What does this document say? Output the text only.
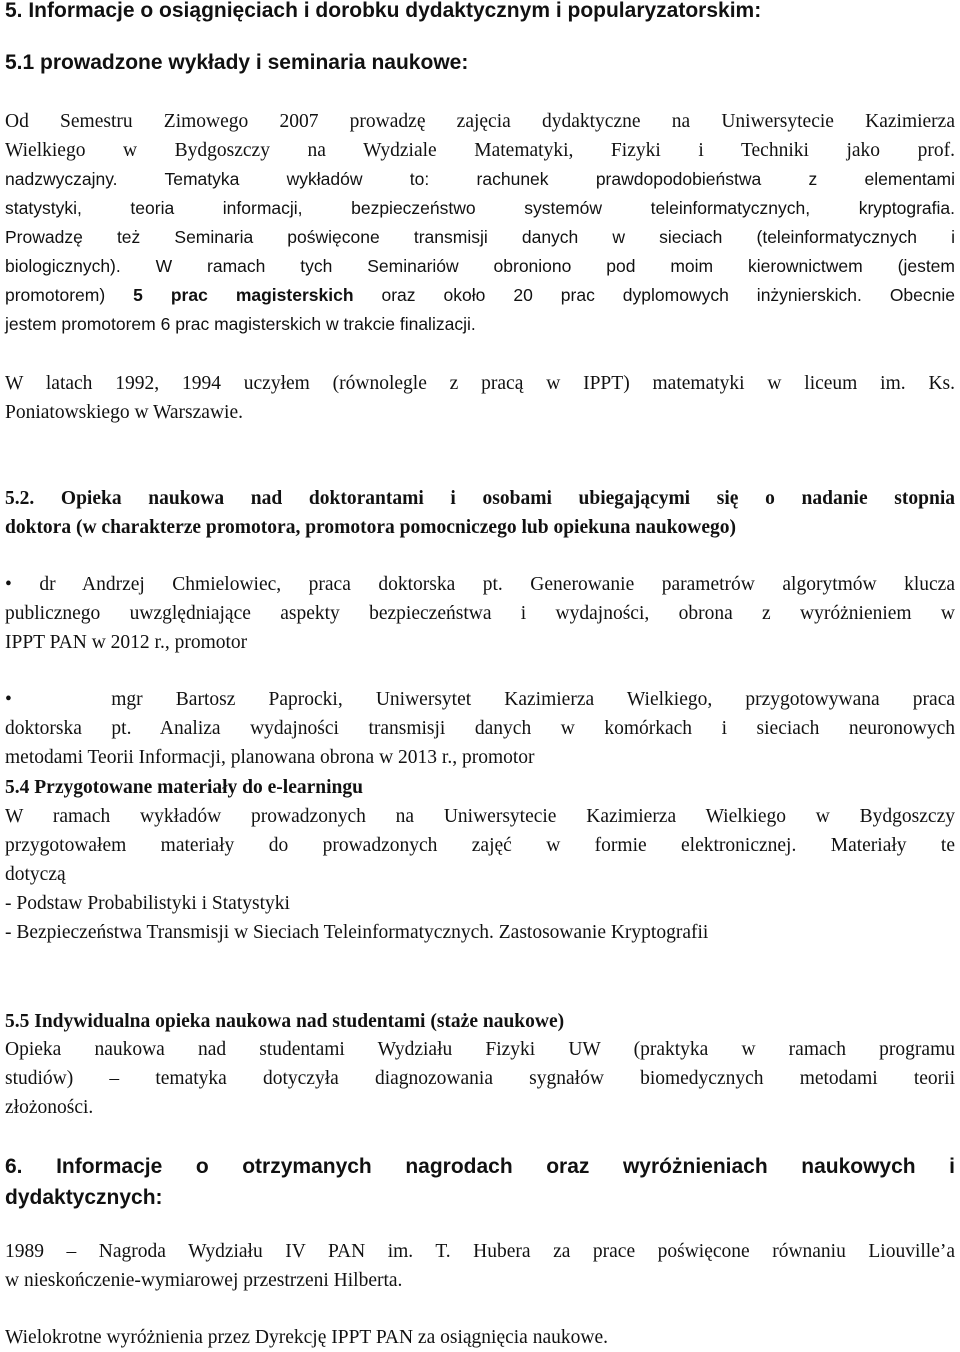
5. Informacje o osiągnięciach i dorobku dydaktycznym i popularyzatorskim:
5.1 prowadzone wykłady i seminaria naukowe:
Od Semestru Zimowego 2007 prowadzę zajęcia dydaktyczne na Uniwersytecie Kazimierza
Wielkiego w Bydgoszczy na Wydziale Matematyki, Fizyki i Techniki jako prof.
nadzwyczajny. Tematyka wykładów to: rachunek prawdopodobieństwa z elementami
statystyki, teoria informacji, bezpieczeństwo systemów teleinformatycznych, kryptografia.
Prowadzę też Seminaria poświęcone transmisji danych w sieciach (teleinformatycznych i
biologicznych). W ramach tych Seminariów obroniono pod moim kierownictwem (jestem
promotorem) 5 prac magisterskich oraz około 20 prac dyplomowych inżynierskich. Obecnie
jestem promotorem 6 prac magisterskich w trakcie finalizacji.
W latach 1992, 1994 uczyłem (równolegle z pracą w IPPT) matematyki w liceum im. Ks.
Poniatowskiego w Warszawie.
5.2. Opieka naukowa nad doktorantami i osobami ubiegającymi się o nadanie stopnia
doktora (w charakterze promotora, promotora pomocniczego lub opiekuna naukowego)
• dr Andrzej Chmielowiec, praca doktorska pt. Generowanie parametrów algorytmów klucza
publicznego uwzględniające aspekty bezpieczeństwa i wydajności, obrona z wyróżnieniem w
IPPT PAN w 2012 r., promotor
•	mgr Bartosz Paprocki, Uniwersytet Kazimierza Wielkiego, przygotowywana praca
doktorska pt. Analiza wydajności transmisji danych w komórkach i sieciach neuronowych
metodami Teorii Informacji, planowana obrona w 2013 r., promotor
5.4 Przygotowane materiały do e-learningu
W ramach wykładów prowadzonych na Uniwersytecie Kazimierza Wielkiego w Bydgoszczy
przygotowałem materiały do prowadzonych zajęć w formie elektronicznej. Materiały te
dotyczą
- Podstaw Probabilistyki i Statystyki
- Bezpieczeństwa Transmisji w Sieciach Teleinformatycznych. Zastosowanie Kryptografii
5.5 Indywidualna opieka naukowa nad studentami (staże naukowe)
Opieka naukowa nad studentami Wydziału Fizyki UW (praktyka w ramach programu
studiów) – tematyka dotyczyła diagnozowania sygnałów biomedycznych metodami teorii
złożoności.
6. Informacje o otrzymanych nagrodach oraz wyróżnieniach naukowych i
dydaktycznych:
1989 – Nagroda Wydziału IV PAN im. T. Hubera za prace poświęcone równaniu Liouville’a
w nieskończenie-wymiarowej przestrzeni Hilberta.
Wielokrotne wyróżnienia przez Dyrekcję IPPT PAN za osiągnięcia naukowe.
